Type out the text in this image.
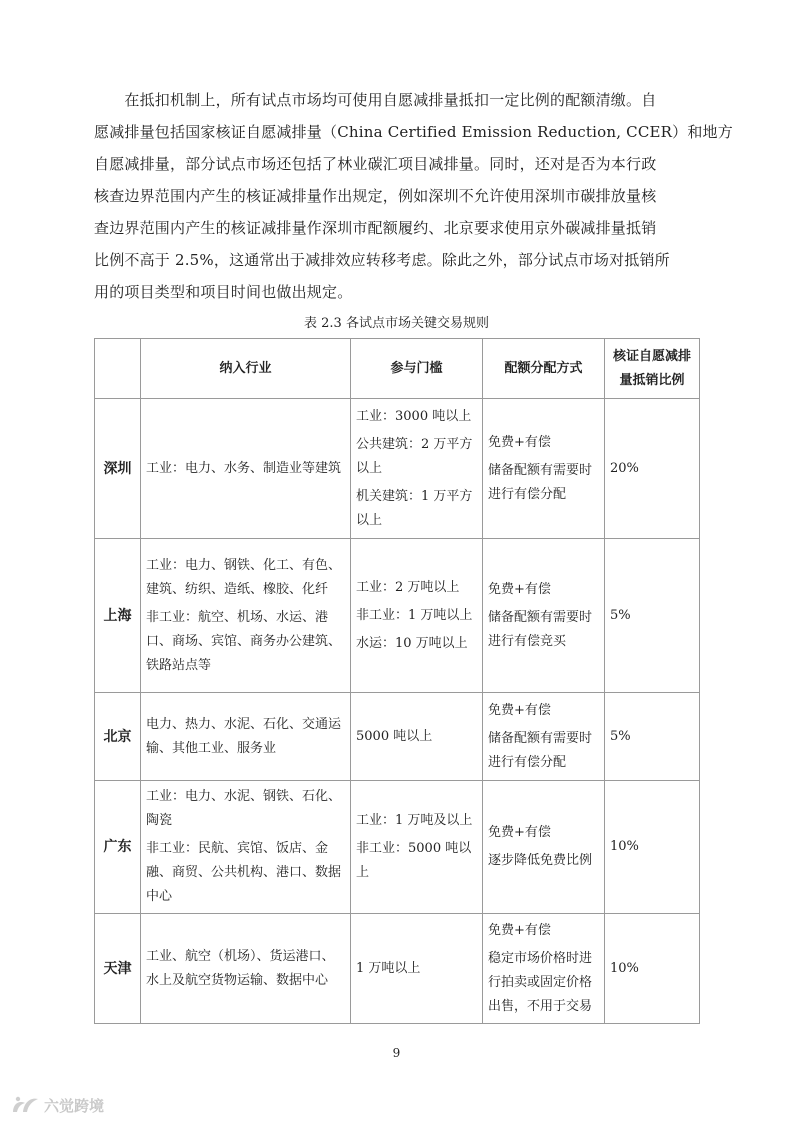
　　在抵扣机制上，所有试点市场均可使用自愿减排量抵扣一定比例的配额清缴。自
愿减排量包括国家核证自愿减排量（China Certified Emission Reduction, CCER）和地方
自愿减排量，部分试点市场还包括了林业碳汇项目减排量。同时，还对是否为本行政
核查边界范围内产生的核证减排量作出规定，例如深圳不允许使用深圳市碳排放量核
查边界范围内产生的核证减排量作深圳市配额履约、北京要求使用京外碳减排量抵销
比例不高于 2.5%，这通常出于减排效应转移考虑。除此之外，部分试点市场对抵销所
用的项目类型和项目时间也做出规定。
表 2.3 各试点市场关键交易规则
	纳入行业	参与门槛	配额分配方式	核证自愿减排
量抵销比例

深圳	工业：电力、水务、制造业等建筑	工业：3000 吨以上
公共建筑：2 万平方以上
机关建筑：1 万平方以上	免费+有偿
储备配额有需要时进行有偿分配	20%
上海	工业：电力、钢铁、化工、有色、建筑、纺织、造纸、橡胶、化纤
非工业：航空、机场、水运、港口、商场、宾馆、商务办公建筑、铁路站点等	工业：2 万吨以上
非工业：1 万吨以上
水运：10 万吨以上	免费+有偿
储备配额有需要时进行有偿竞买	5%
北京	电力、热力、水泥、石化、交通运输、其他工业、服务业	5000 吨以上	免费+有偿
储备配额有需要时进行有偿分配	5%
广东	工业：电力、水泥、钢铁、石化、陶瓷
非工业：民航、宾馆、饭店、金融、商贸、公共机构、港口、数据中心	工业：1 万吨及以上
非工业：5000 吨以上	免费+有偿
逐步降低免费比例	10%
天津	工业、航空（机场）、货运港口、水上及航空货物运输、数据中心	1 万吨以上	免费+有偿
稳定市场价格时进行拍卖或固定价格出售，不用于交易	10%
9
六觉跨境
